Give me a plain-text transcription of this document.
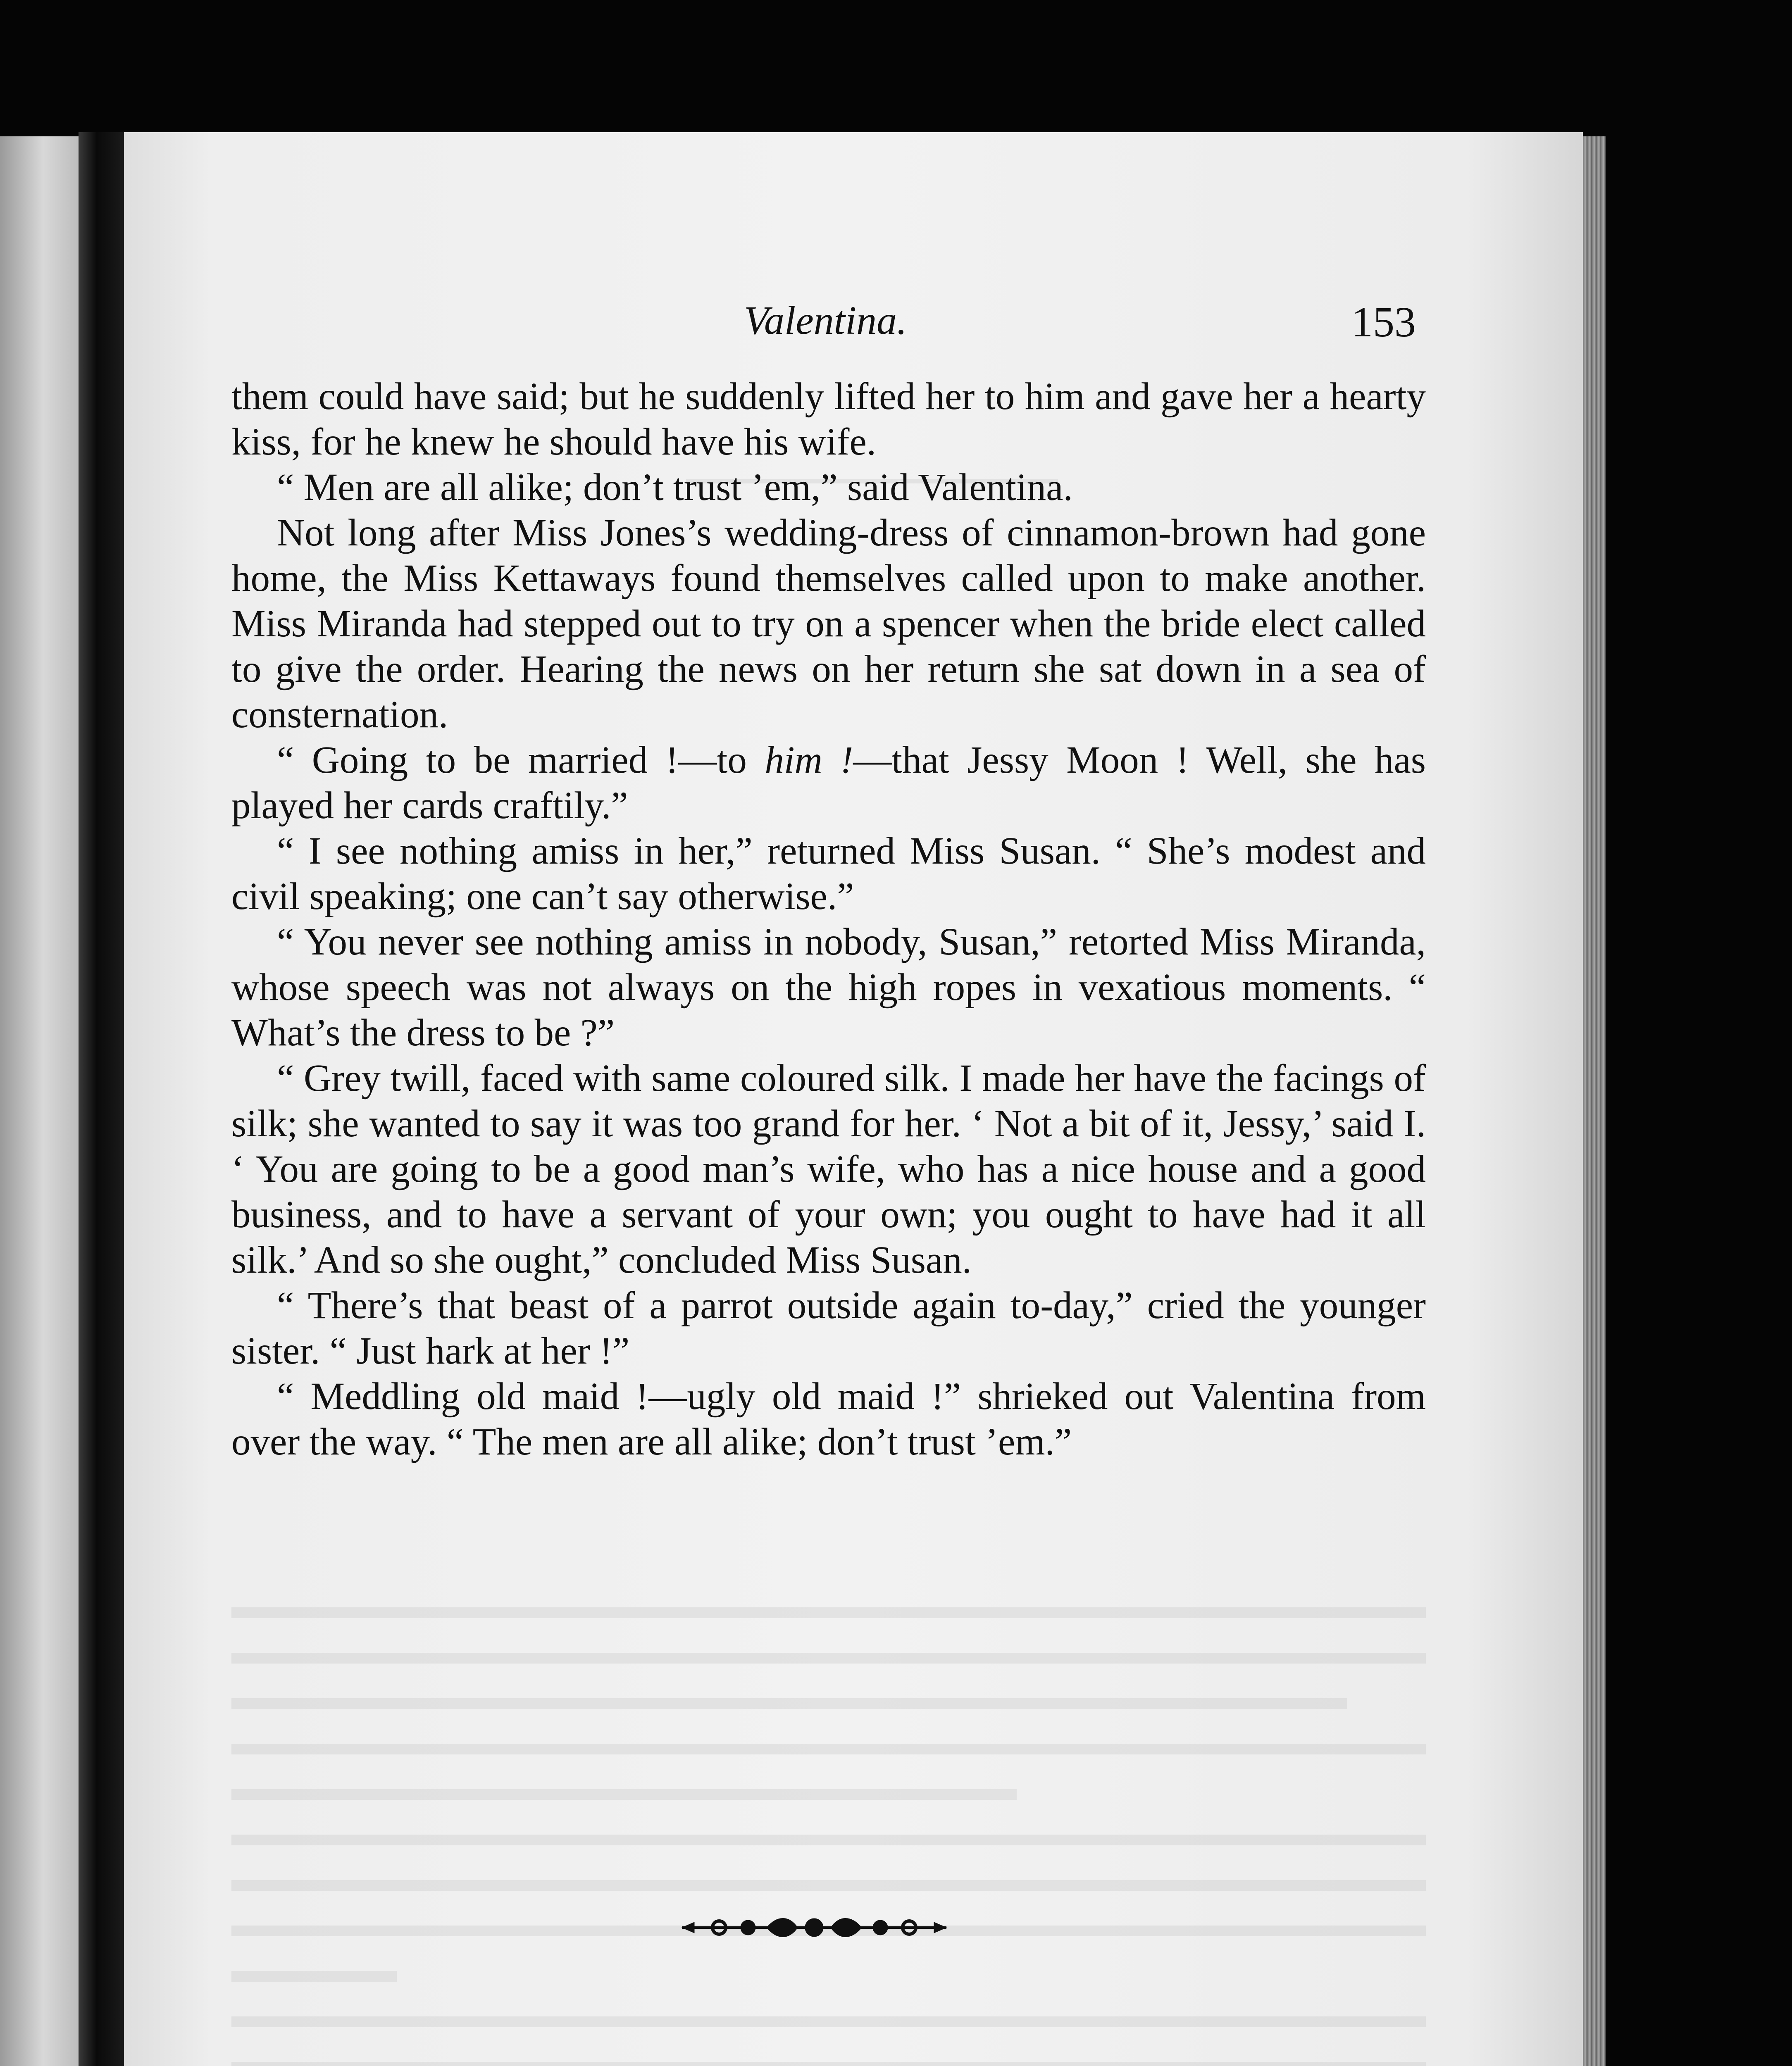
Valentina.	153

them could have said; but he suddenly lifted her to him and gave her a hearty kiss, for he knew he should have his wife.

“ Men are all alike; don’t trust ’em,” said Valentina.

Not long after Miss Jones’s wedding-dress of cinnamon-brown had gone home, the Miss Kettaways found themselves called upon to make another. Miss Miranda had stepped out to try on a spencer when the bride elect called to give the order. Hearing the news on her return she sat down in a sea of consternation.

“ Going to be married !—to him !—that Jessy Moon ! Well, she has played her cards craftily.”

“ I see nothing amiss in her,” returned Miss Susan. “ She’s modest and civil speaking; one can’t say otherwise.”

“ You never see nothing amiss in nobody, Susan,” retorted Miss Miranda, whose speech was not always on the high ropes in vexatious moments. “ What’s the dress to be ?”

“ Grey twill, faced with same coloured silk. I made her have the facings of silk; she wanted to say it was too grand for her. ‘ Not a bit of it, Jessy,’ said I. ‘ You are going to be a good man’s wife, who has a nice house and a good business, and to have a servant of your own; you ought to have had it all silk.’ And so she ought,” concluded Miss Susan.

“ There’s that beast of a parrot outside again to-day,” cried the younger sister. “ Just hark at her !”

“ Meddling old maid !—ugly old maid !” shrieked out Valentina from over the way. “ The men are all alike; don’t trust ’em.”
